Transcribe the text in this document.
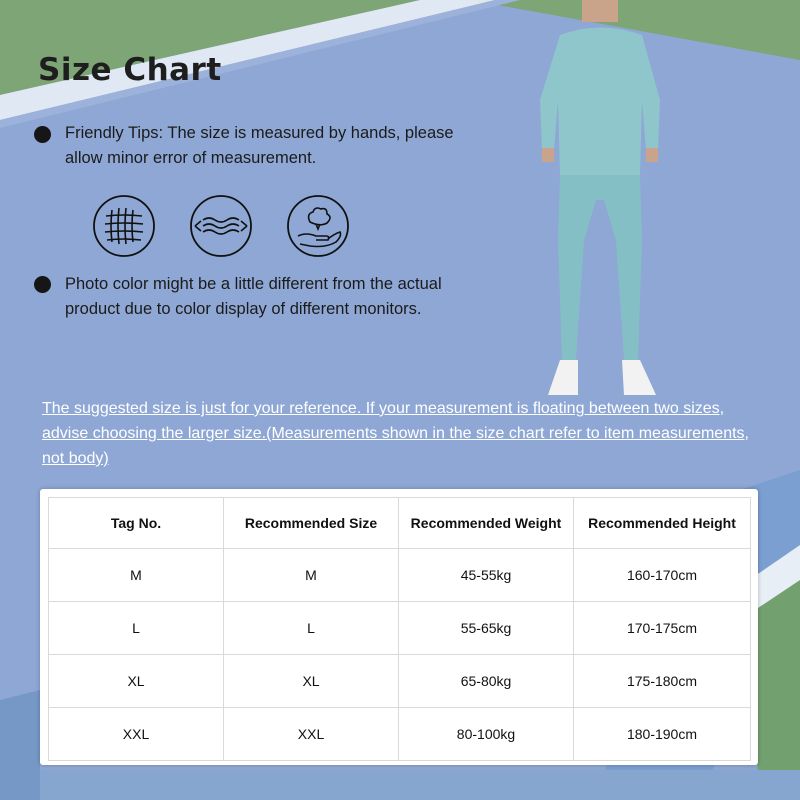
Size Chart
Friendly Tips: The size is measured by hands, please allow minor error of measurement.
Photo color might be a little different from the actual product due to color display of different monitors.
The suggested size is just for your reference. If your measurement is floating between two sizes, advise choosing the larger size.(Measurements shown in the size chart refer to item measurements, not body)
Tag No.	Recommended Size	Recommended Weight	Recommended Height
M	M	45-55kg	160-170cm
L	L	55-65kg	170-175cm
XL	XL	65-80kg	175-180cm
XXL	XXL	80-100kg	180-190cm
